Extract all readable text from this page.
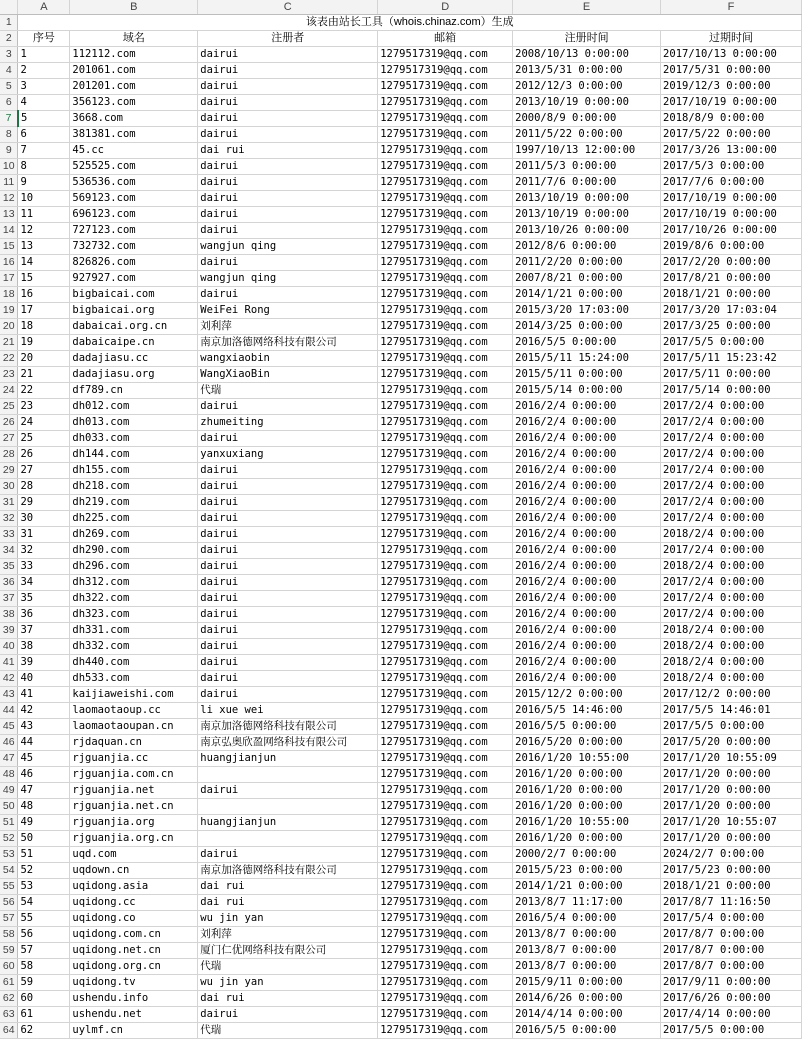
	A	B	C	D	E	F
1	该表由站长工具（whois.chinaz.com）生成					
2	序号	域名	注册者	邮箱	注册时间	过期时间
3	1	112112.com	dairui	1279517319@qq.com	2008/10/13 0:00:00	2017/10/13 0:00:00
4	2	201061.com	dairui	1279517319@qq.com	2013/5/31 0:00:00	2017/5/31 0:00:00
5	3	201201.com	dairui	1279517319@qq.com	2012/12/3 0:00:00	2019/12/3 0:00:00
6	4	356123.com	dairui	1279517319@qq.com	2013/10/19 0:00:00	2017/10/19 0:00:00
7	5	3668.com	dairui	1279517319@qq.com	2000/8/9 0:00:00	2018/8/9 0:00:00
8	6	381381.com	dairui	1279517319@qq.com	2011/5/22 0:00:00	2017/5/22 0:00:00
9	7	45.cc	dai rui	1279517319@qq.com	1997/10/13 12:00:00	2017/3/26 13:00:00
10	8	525525.com	dairui	1279517319@qq.com	2011/5/3 0:00:00	2017/5/3 0:00:00
11	9	536536.com	dairui	1279517319@qq.com	2011/7/6 0:00:00	2017/7/6 0:00:00
12	10	569123.com	dairui	1279517319@qq.com	2013/10/19 0:00:00	2017/10/19 0:00:00
13	11	696123.com	dairui	1279517319@qq.com	2013/10/19 0:00:00	2017/10/19 0:00:00
14	12	727123.com	dairui	1279517319@qq.com	2013/10/26 0:00:00	2017/10/26 0:00:00
15	13	732732.com	wangjun qing	1279517319@qq.com	2012/8/6 0:00:00	2019/8/6 0:00:00
16	14	826826.com	dairui	1279517319@qq.com	2011/2/20 0:00:00	2017/2/20 0:00:00
17	15	927927.com	wangjun qing	1279517319@qq.com	2007/8/21 0:00:00	2017/8/21 0:00:00
18	16	bigbaicai.com	dairui	1279517319@qq.com	2014/1/21 0:00:00	2018/1/21 0:00:00
19	17	bigbaicai.org	WeiFei Rong	1279517319@qq.com	2015/3/20 17:03:00	2017/3/20 17:03:04
20	18	dabaicai.org.cn	刘利萍	1279517319@qq.com	2014/3/25 0:00:00	2017/3/25 0:00:00
21	19	dabaicaipe.cn	南京加洛德网络科技有限公司	1279517319@qq.com	2016/5/5 0:00:00	2017/5/5 0:00:00
22	20	dadajiasu.cc	wangxiaobin	1279517319@qq.com	2015/5/11 15:24:00	2017/5/11 15:23:42
23	21	dadajiasu.org	WangXiaoBin	1279517319@qq.com	2015/5/11 0:00:00	2017/5/11 0:00:00
24	22	df789.cn	代瑞	1279517319@qq.com	2015/5/14 0:00:00	2017/5/14 0:00:00
25	23	dh012.com	dairui	1279517319@qq.com	2016/2/4 0:00:00	2017/2/4 0:00:00
26	24	dh013.com	zhumeiting	1279517319@qq.com	2016/2/4 0:00:00	2017/2/4 0:00:00
27	25	dh033.com	dairui	1279517319@qq.com	2016/2/4 0:00:00	2017/2/4 0:00:00
28	26	dh144.com	yanxuxiang	1279517319@qq.com	2016/2/4 0:00:00	2017/2/4 0:00:00
29	27	dh155.com	dairui	1279517319@qq.com	2016/2/4 0:00:00	2017/2/4 0:00:00
30	28	dh218.com	dairui	1279517319@qq.com	2016/2/4 0:00:00	2017/2/4 0:00:00
31	29	dh219.com	dairui	1279517319@qq.com	2016/2/4 0:00:00	2017/2/4 0:00:00
32	30	dh225.com	dairui	1279517319@qq.com	2016/2/4 0:00:00	2017/2/4 0:00:00
33	31	dh269.com	dairui	1279517319@qq.com	2016/2/4 0:00:00	2018/2/4 0:00:00
34	32	dh290.com	dairui	1279517319@qq.com	2016/2/4 0:00:00	2017/2/4 0:00:00
35	33	dh296.com	dairui	1279517319@qq.com	2016/2/4 0:00:00	2018/2/4 0:00:00
36	34	dh312.com	dairui	1279517319@qq.com	2016/2/4 0:00:00	2017/2/4 0:00:00
37	35	dh322.com	dairui	1279517319@qq.com	2016/2/4 0:00:00	2017/2/4 0:00:00
38	36	dh323.com	dairui	1279517319@qq.com	2016/2/4 0:00:00	2017/2/4 0:00:00
39	37	dh331.com	dairui	1279517319@qq.com	2016/2/4 0:00:00	2018/2/4 0:00:00
40	38	dh332.com	dairui	1279517319@qq.com	2016/2/4 0:00:00	2018/2/4 0:00:00
41	39	dh440.com	dairui	1279517319@qq.com	2016/2/4 0:00:00	2018/2/4 0:00:00
42	40	dh533.com	dairui	1279517319@qq.com	2016/2/4 0:00:00	2018/2/4 0:00:00
43	41	kaijiaweishi.com	dairui	1279517319@qq.com	2015/12/2 0:00:00	2017/12/2 0:00:00
44	42	laomaotaoup.cc	li xue wei	1279517319@qq.com	2016/5/5 14:46:00	2017/5/5 14:46:01
45	43	laomaotaoupan.cn	南京加洛德网络科技有限公司	1279517319@qq.com	2016/5/5 0:00:00	2017/5/5 0:00:00
46	44	rjdaquan.cn	南京弘奥欣盈网络科技有限公司	1279517319@qq.com	2016/5/20 0:00:00	2017/5/20 0:00:00
47	45	rjguanjia.cc	huangjianjun	1279517319@qq.com	2016/1/20 10:55:00	2017/1/20 10:55:09
48	46	rjguanjia.com.cn		1279517319@qq.com	2016/1/20 0:00:00	2017/1/20 0:00:00
49	47	rjguanjia.net	dairui	1279517319@qq.com	2016/1/20 0:00:00	2017/1/20 0:00:00
50	48	rjguanjia.net.cn		1279517319@qq.com	2016/1/20 0:00:00	2017/1/20 0:00:00
51	49	rjguanjia.org	huangjianjun	1279517319@qq.com	2016/1/20 10:55:00	2017/1/20 10:55:07
52	50	rjguanjia.org.cn		1279517319@qq.com	2016/1/20 0:00:00	2017/1/20 0:00:00
53	51	uqd.com	dairui	1279517319@qq.com	2000/2/7 0:00:00	2024/2/7 0:00:00
54	52	uqdown.cn	南京加洛德网络科技有限公司	1279517319@qq.com	2015/5/23 0:00:00	2017/5/23 0:00:00
55	53	uqidong.asia	dai rui	1279517319@qq.com	2014/1/21 0:00:00	2018/1/21 0:00:00
56	54	uqidong.cc	dai rui	1279517319@qq.com	2013/8/7 11:17:00	2017/8/7 11:16:50
57	55	uqidong.co	wu jin yan	1279517319@qq.com	2016/5/4 0:00:00	2017/5/4 0:00:00
58	56	uqidong.com.cn	刘利萍	1279517319@qq.com	2013/8/7 0:00:00	2017/8/7 0:00:00
59	57	uqidong.net.cn	厦门仁优网络科技有限公司	1279517319@qq.com	2013/8/7 0:00:00	2017/8/7 0:00:00
60	58	uqidong.org.cn	代瑞	1279517319@qq.com	2013/8/7 0:00:00	2017/8/7 0:00:00
61	59	uqidong.tv	wu jin yan	1279517319@qq.com	2015/9/11 0:00:00	2017/9/11 0:00:00
62	60	ushendu.info	dai rui	1279517319@qq.com	2014/6/26 0:00:00	2017/6/26 0:00:00
63	61	ushendu.net	dairui	1279517319@qq.com	2014/4/14 0:00:00	2017/4/14 0:00:00
64	62	uylmf.cn	代瑞	1279517319@qq.com	2016/5/5 0:00:00	2017/5/5 0:00:00
